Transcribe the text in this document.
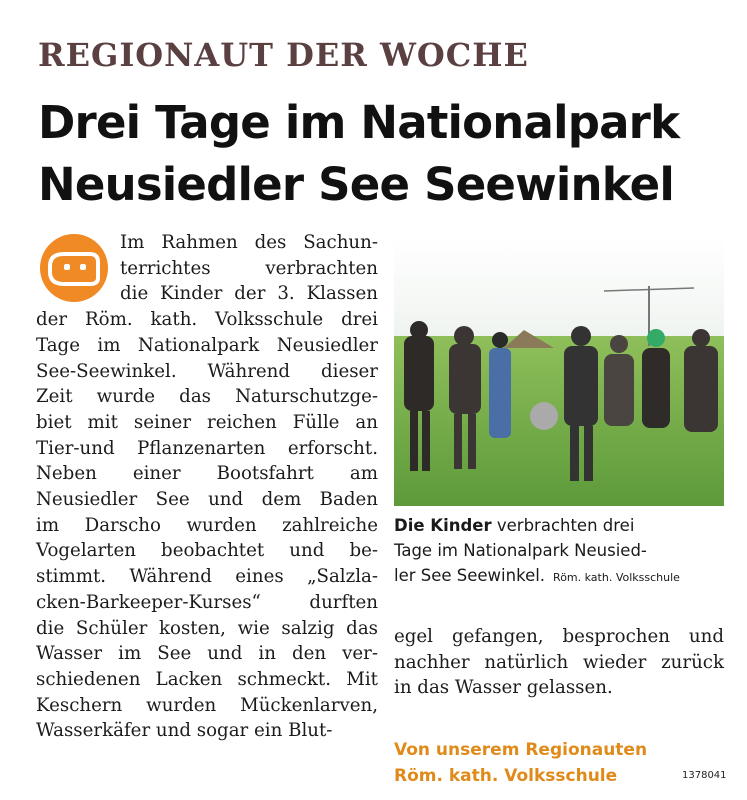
REGIONAUT DER WOCHE
Drei Tage im Nationalpark
Neusiedler See Seewinkel
Im Rahmen des Sachun-
terrichtes verbrachten
die Kinder der 3. Klassen
der Röm. kath. Volksschule drei
Tage im Nationalpark Neusiedler
See-Seewinkel. Während dieser
Zeit wurde das Naturschutzge-
biet mit seiner reichen Fülle an
Tier-und Pflanzenarten erforscht.
Neben einer Bootsfahrt am
Neusiedler See und dem Baden
im Darscho wurden zahlreiche
Vogelarten beobachtet und be-
stimmt. Während eines „Salzla-
cken-Barkeeper-Kurses“ durften
die Schüler kosten, wie salzig das
Wasser im See und in den ver-
schiedenen Lacken schmeckt. Mit
Keschern wurden Mückenlarven,
Wasserkäfer und sogar ein Blut-
Die Kinder verbrachten drei
Tage im Nationalpark Neusied-
ler See Seewinkel. Röm. kath. Volksschule
egel gefangen, besprochen und
nachher natürlich wieder zurück
in das Wasser gelassen.
Von unserem Regionauten
Röm. kath. Volksschule	1378041
